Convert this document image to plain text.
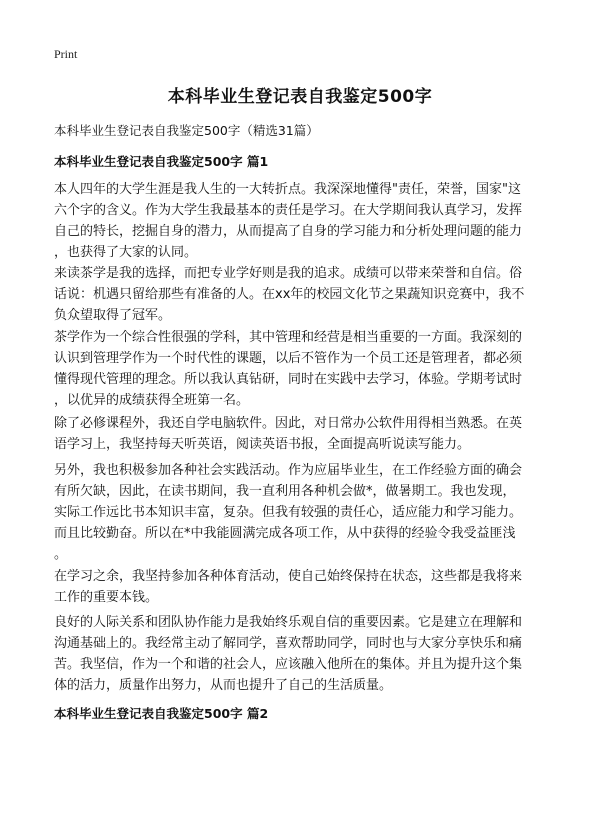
Print
本科毕业生登记表自我鉴定500字

本科毕业生登记表自我鉴定500字（精选31篇）

本科毕业生登记表自我鉴定500字 篇1
本人四年的大学生涯是我人生的一大转折点。我深深地懂得"责任，荣誉，国家"这
六个字的含义。作为大学生我最基本的责任是学习。在大学期间我认真学习，发挥
自己的特长，挖掘自身的潜力，从而提高了自身的学习能力和分析处理问题的能力
，也获得了大家的认同。
来读茶学是我的选择，而把专业学好则是我的追求。成绩可以带来荣誉和自信。俗
话说：机遇只留给那些有准备的人。在xx年的校园文化节之果蔬知识竞赛中，我不
负众望取得了冠军。
茶学作为一个综合性很强的学科，其中管理和经营是相当重要的一方面。我深刻的
认识到管理学作为一个时代性的课题，以后不管作为一个员工还是管理者，都必须
懂得现代管理的理念。所以我认真钻研，同时在实践中去学习，体验。学期考试时
，以优异的成绩获得全班第一名。
除了必修课程外，我还自学电脑软件。因此，对日常办公软件用得相当熟悉。在英
语学习上，我坚持每天听英语，阅读英语书报，全面提高听说读写能力。
另外，我也积极参加各种社会实践活动。作为应届毕业生，在工作经验方面的确会
有所欠缺，因此，在读书期间，我一直利用各种机会做*，做暑期工。我也发现，
实际工作远比书本知识丰富，复杂。但我有较强的责任心，适应能力和学习能力。
而且比较勤奋。所以在*中我能圆满完成各项工作，从中获得的经验令我受益匪浅
。
在学习之余，我坚持参加各种体育活动，使自己始终保持在状态，这些都是我将来
工作的重要本钱。
良好的人际关系和团队协作能力是我始终乐观自信的重要因素。它是建立在理解和
沟通基础上的。我经常主动了解同学，喜欢帮助同学，同时也与大家分享快乐和痛
苦。我坚信，作为一个和谐的社会人，应该融入他所在的集体。并且为提升这个集
体的活力，质量作出努力，从而也提升了自己的生活质量。
本科毕业生登记表自我鉴定500字 篇2
